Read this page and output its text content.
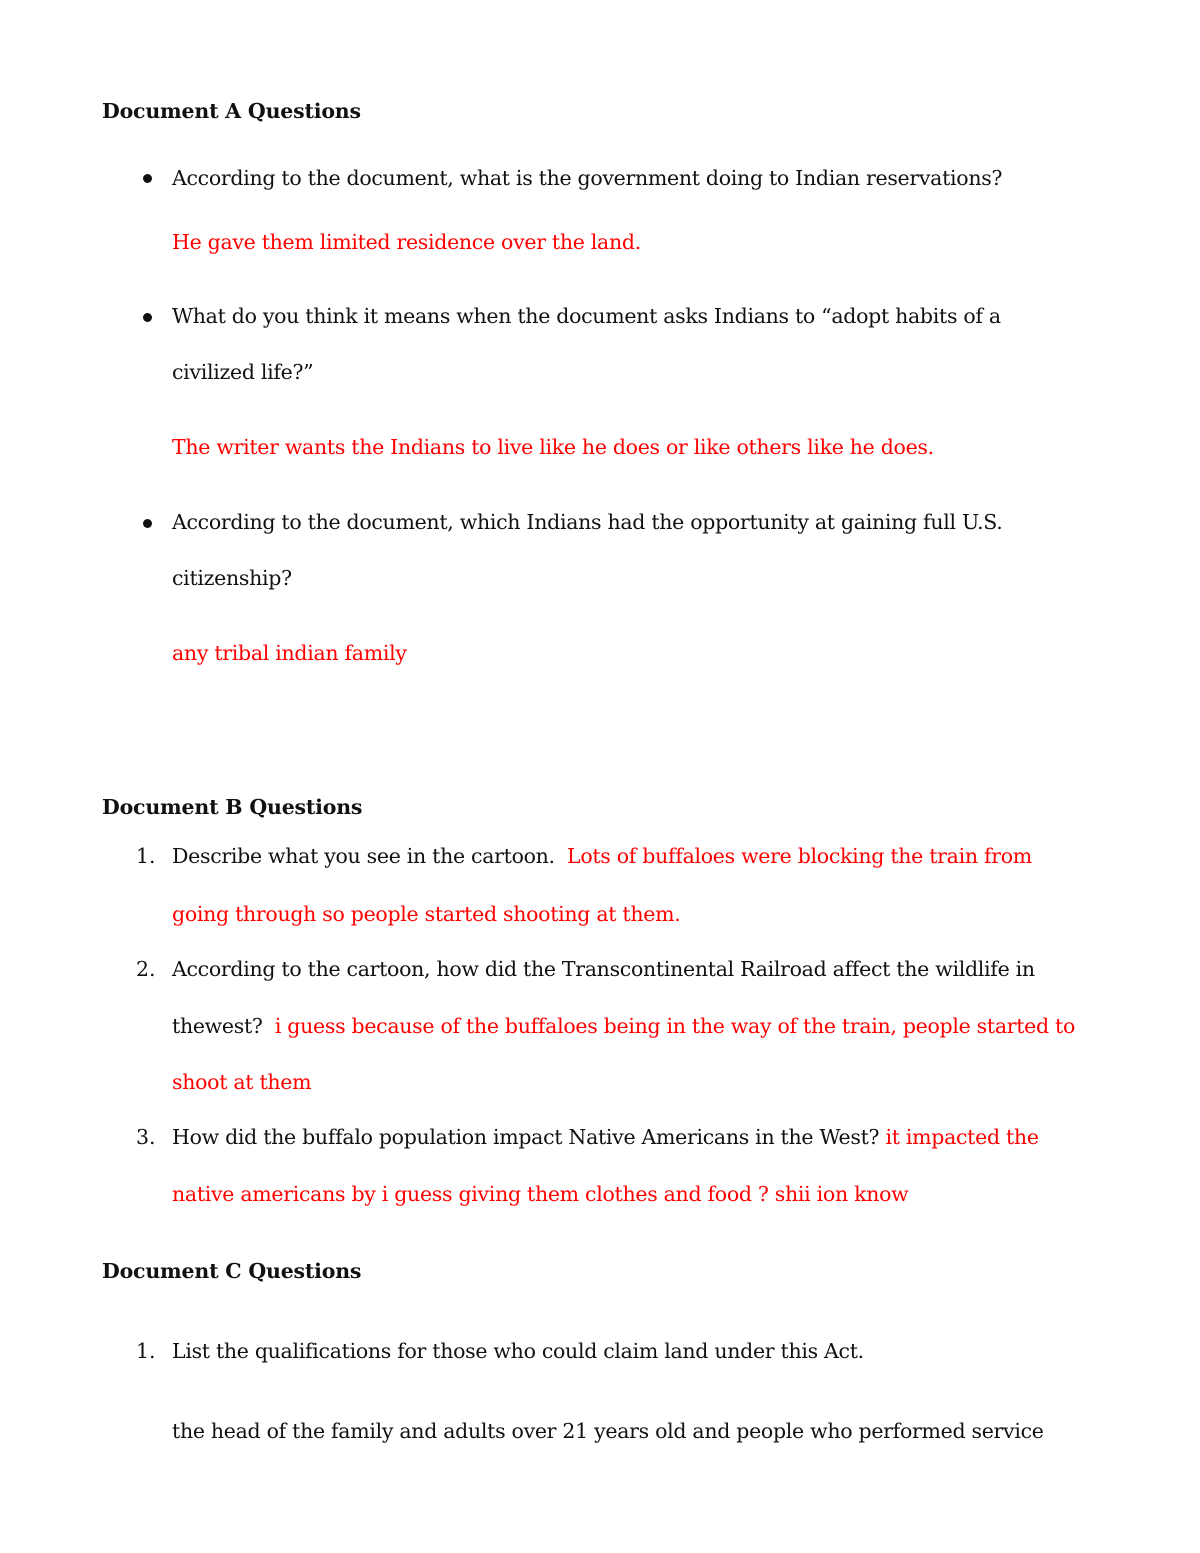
Document A Questions
According to the document, what is the government doing to Indian reservations?
He gave them limited residence over the land.
What do you think it means when the document asks Indians to “adopt habits of a
civilized life?”
The writer wants the Indians to live like he does or like others like he does.
According to the document, which Indians had the opportunity at gaining full U.S.
citizenship?
any tribal indian family
Document B Questions
1. Describe what you see in the cartoon. Lots of buffaloes were blocking the train from
going through so people started shooting at them.
2. According to the cartoon, how did the Transcontinental Railroad affect the wildlife in
thewest? i guess because of the buffaloes being in the way of the train, people started to
shoot at them
3. How did the buffalo population impact Native Americans in the West? it impacted the
native americans by i guess giving them clothes and food ? shii ion know
Document C Questions
1. List the qualifications for those who could claim land under this Act.
the head of the family and adults over 21 years old and people who performed service
